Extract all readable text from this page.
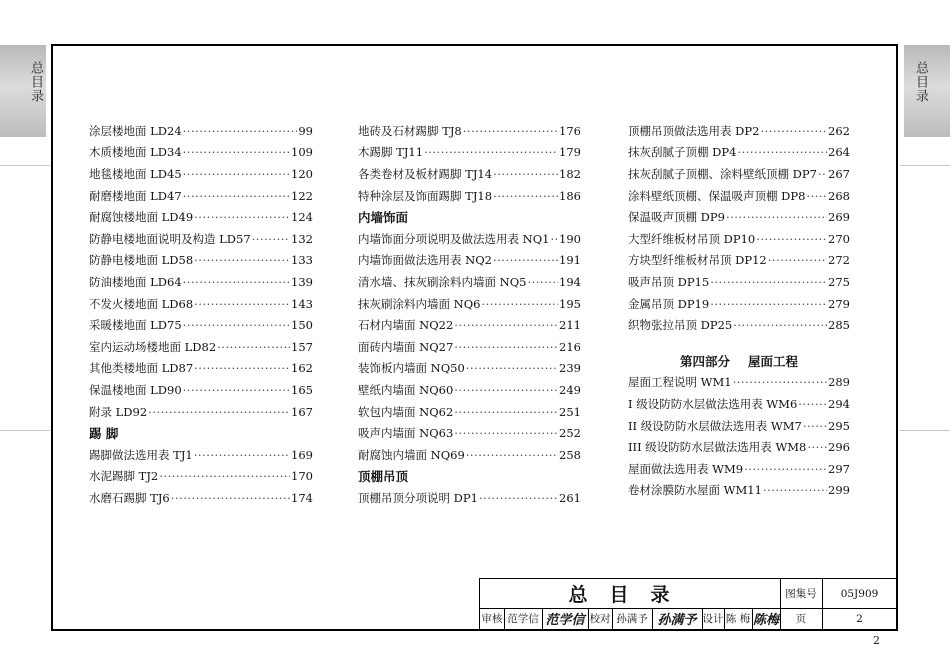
总目录	总目录
涂层楼地面 LD24 ·····	99
木质楼地面 LD34 ·····	109
地毯楼地面 LD45 ·····	120
耐磨楼地面 LD47 ·····	122
耐腐蚀楼地面 LD49 ·····	124
防静电楼地面说明及构造 LD57 ·····	132
防静电楼地面 LD58 ·····	133
防油楼地面 LD64 ·····	139
不发火楼地面 LD68 ·····	143
采暖楼地面 LD75 ·····	150
室内运动场楼地面 LD82 ·····	157
其他类楼地面 LD87 ·····	162
保温楼地面 LD90 ·····	165
附录 LD92 ·····	167
踢 脚
踢脚做法选用表 TJ1 ·····	169
水泥踢脚 TJ2 ·····	170
水磨石踢脚 TJ6 ·····	174
地砖及石材踢脚 TJ8 ·····	176
木踢脚 TJ11 ·····	179
各类卷材及板材踢脚 TJ14 ·····	182
特种涂层及饰面踢脚 TJ18 ·····	186
内墙饰面
内墙饰面分项说明及做法选用表 NQ1 ····· 190
内墙饰面做法选用表 NQ2 ·····	191
清水墙、抹灰刷涂料内墙面 NQ5 ·····	194
抹灰刷涂料内墙面 NQ6 ·····	195
石材内墙面 NQ22 ·····	211
面砖内墙面 NQ27 ·····	216
装饰板内墙面 NQ50 ·····	239
壁纸内墙面 NQ60 ·····	249
软包内墙面 NQ62 ·····	251
吸声内墙面 NQ63 ·····	252
耐腐蚀内墙面 NQ69 ·····	258
顶棚吊顶
顶棚吊顶分项说明 DP1 ·····	261
顶棚吊顶做法选用表 DP2 ·····	262
抹灰刮腻子顶棚 DP4 ·····	264
抹灰刮腻子顶棚、涂料壁纸顶棚 DP7 ····· 267
涂料壁纸顶棚、保温吸声顶棚 DP8 ····· 268
保温吸声顶棚 DP9 ·····	269
大型纤维板材吊顶 DP10 ·····	270
方块型纤维板材吊顶 DP12 ·····	272
吸声吊顶 DP15 ·····	275
金属吊顶 DP19 ·····	279
织物张拉吊顶 DP25 ·····	285
第四部分 屋面工程
屋面工程说明 WM1 ·····	289
I 级设防防水层做法选用表 WM6 ·····	294
II 级设防防水层做法选用表 WM7 ····· 295
III 级设防防水层做法选用表 WM8 ····· 296
屋面做法选用表 WM9 ·····	297
卷材涂膜防水屋面 WM11 ·····	299
总目录	图集号	05J909
审核 范学信 范学信 校对 孙满予 孙满予 设计 陈 梅 陈梅	页	2
2
